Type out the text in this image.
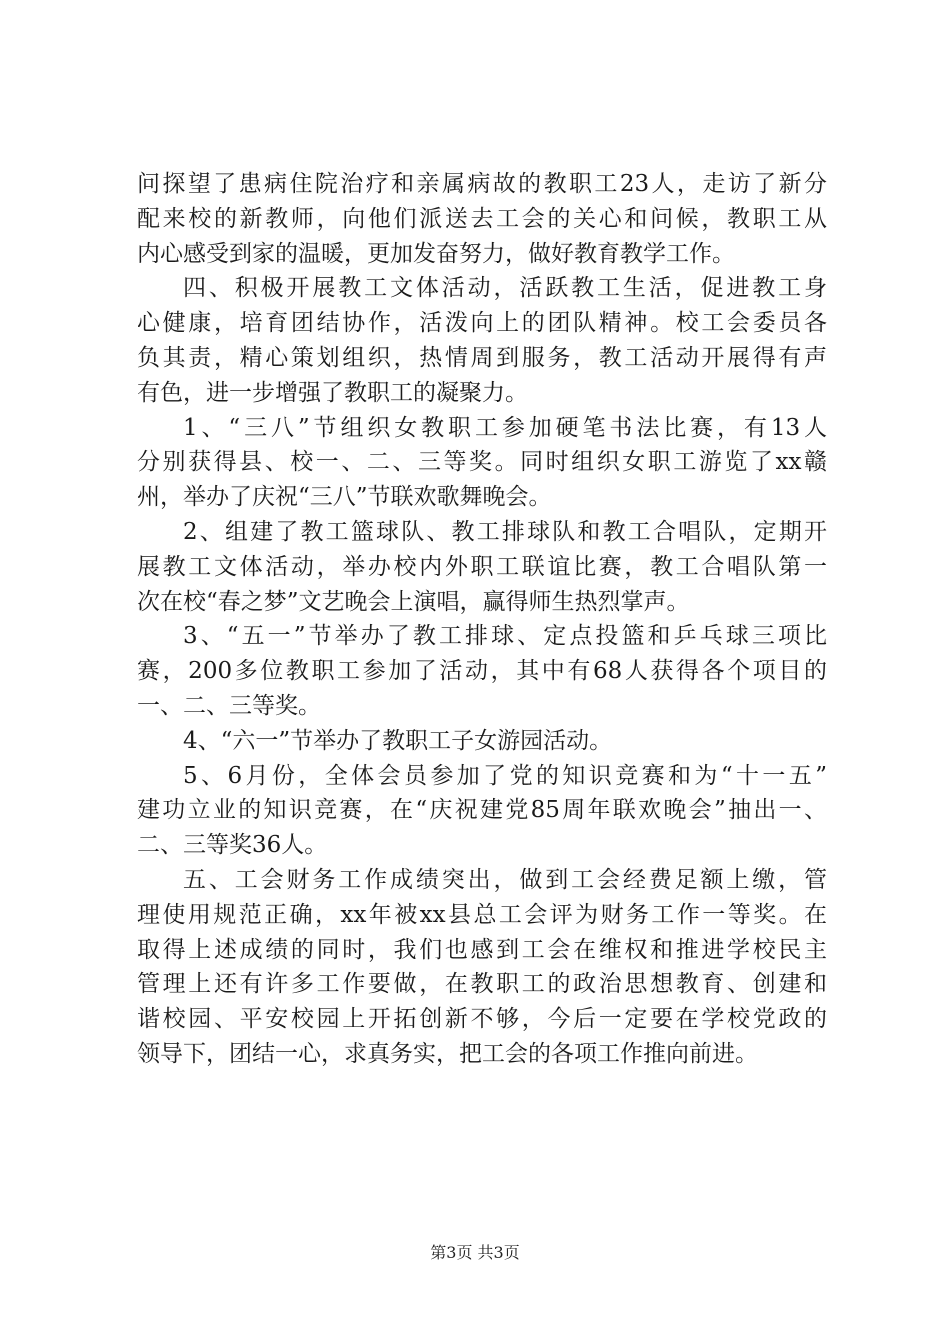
问探望了患病住院治疗和亲属病故的教职工23人，走访了新分
配来校的新教师，向他们派送去工会的关心和问候，教职工从
内心感受到家的温暖，更加发奋努力，做好教育教学工作。
四、积极开展教工文体活动，活跃教工生活，促进教工身
心健康，培育团结协作，活泼向上的团队精神。校工会委员各
负其责，精心策划组织，热情周到服务，教工活动开展得有声
有色，进一步增强了教职工的凝聚力。
1、“三八”节组织女教职工参加硬笔书法比赛，有13人
分别获得县、校一、二、三等奖。同时组织女职工游览了xx赣
州，举办了庆祝“三八”节联欢歌舞晚会。
2、组建了教工篮球队、教工排球队和教工合唱队，定期开
展教工文体活动，举办校内外职工联谊比赛，教工合唱队第一
次在校“春之梦”文艺晚会上演唱，赢得师生热烈掌声。
3、“五一”节举办了教工排球、定点投篮和乒乓球三项比
赛，200多位教职工参加了活动，其中有68人获得各个项目的
一、二、三等奖。
4、“六一”节举办了教职工子女游园活动。
5、6月份，全体会员参加了党的知识竞赛和为“十一五”
建功立业的知识竞赛，在“庆祝建党85周年联欢晚会”抽出一、
二、三等奖36人。
五、工会财务工作成绩突出，做到工会经费足额上缴，管
理使用规范正确，xx年被xx县总工会评为财务工作一等奖。在
取得上述成绩的同时，我们也感到工会在维权和推进学校民主
管理上还有许多工作要做，在教职工的政治思想教育、创建和
谐校园、平安校园上开拓创新不够，今后一定要在学校党政的
领导下，团结一心，求真务实，把工会的各项工作推向前进。
第3页 共3页
